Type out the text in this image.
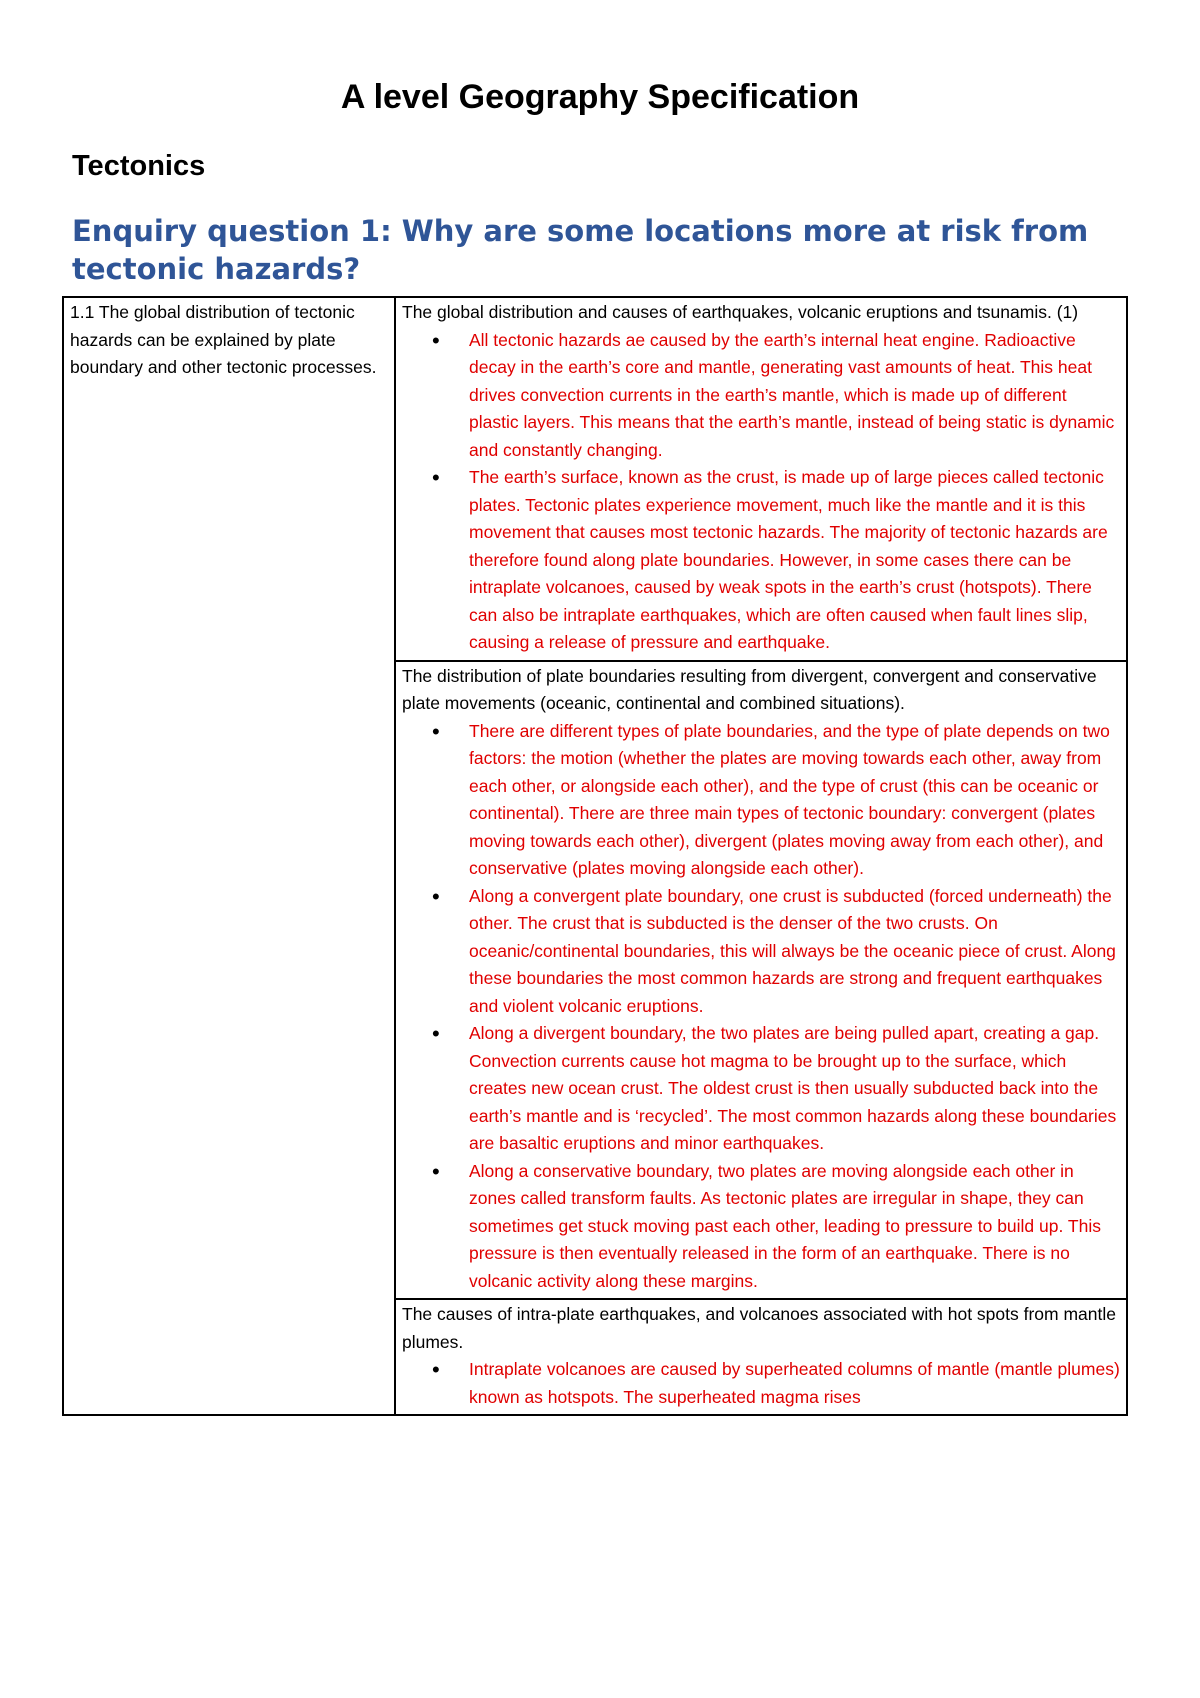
A level Geography Specification
Tectonics
Enquiry question 1: Why are some locations more at risk from tectonic hazards?
1.1 The global distribution of tectonic hazards can be explained by plate boundary and other tectonic processes.	

The global distribution and causes of earthquakes, volcanic eruptions and tsunamis. (1)

• All tectonic hazards ae caused by the earth’s internal heat engine. Radioactive decay in the earth’s core and mantle, generating vast amounts of heat. This heat drives convection currents in the earth’s mantle, which is made up of different plastic layers. This means that the earth’s mantle, instead of being static is dynamic and constantly changing.
• The earth’s surface, known as the crust, is made up of large pieces called tectonic plates. Tectonic plates experience movement, much like the mantle and it is this movement that causes most tectonic hazards. The majority of tectonic hazards are therefore found along plate boundaries. However, in some cases there can be intraplate volcanoes, caused by weak spots in the earth’s crust (hotspots). There can also be intraplate earthquakes, which are often caused when fault lines slip, causing a release of pressure and earthquake.

The distribution of plate boundaries resulting from divergent, convergent and conservative plate movements (oceanic, continental and combined situations).

• There are different types of plate boundaries, and the type of plate depends on two factors: the motion (whether the plates are moving towards each other, away from each other, or alongside each other), and the type of crust (this can be oceanic or continental). There are three main types of tectonic boundary: convergent (plates moving towards each other), divergent (plates moving away from each other), and conservative (plates moving alongside each other).
• Along a convergent plate boundary, one crust is subducted (forced underneath) the other. The crust that is subducted is the denser of the two crusts. On oceanic/continental boundaries, this will always be the oceanic piece of crust. Along these boundaries the most common hazards are strong and frequent earthquakes and violent volcanic eruptions.
• Along a divergent boundary, the two plates are being pulled apart, creating a gap. Convection currents cause hot magma to be brought up to the surface, which creates new ocean crust. The oldest crust is then usually subducted back into the earth’s mantle and is ‘recycled’. The most common hazards along these boundaries are basaltic eruptions and minor earthquakes.
• Along a conservative boundary, two plates are moving alongside each other in zones called transform faults. As tectonic plates are irregular in shape, they can sometimes get stuck moving past each other, leading to pressure to build up. This pressure is then eventually released in the form of an earthquake. There is no volcanic activity along these margins.

The causes of intra-plate earthquakes, and volcanoes associated with hot spots from mantle plumes.

• Intraplate volcanoes are caused by superheated columns of mantle (mantle plumes) known as hotspots. The superheated magma rises
